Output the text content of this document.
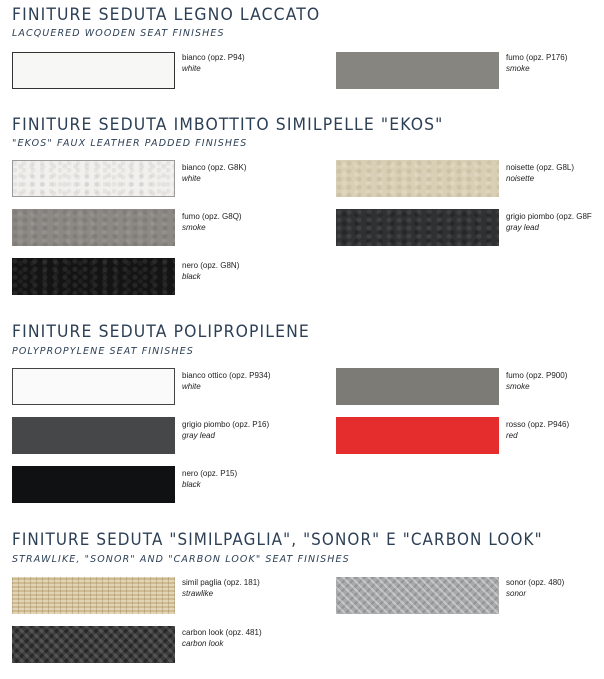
FINITURE SEDUTA LEGNO LACCATO
LACQUERED WOODEN SEAT FINISHES
bianco (opz. P94)
white
fumo (opz. P176)
smoke
FINITURE SEDUTA IMBOTTITO SIMILPELLE "EKOS"
"EKOS" FAUX LEATHER PADDED FINISHES
bianco (opz. G8K)
white
noisette (opz. G8L)
noisette
fumo (opz. G8Q)
smoke
grigio piombo (opz. G8F
gray lead
nero (opz. G8N)
black
FINITURE SEDUTA POLIPROPILENE
POLYPROPYLENE SEAT FINISHES
bianco ottico (opz. P934)
white
fumo (opz. P900)
smoke
grigio piombo (opz. P16)
gray lead
rosso (opz. P946)
red
nero (opz. P15)
black
FINITURE SEDUTA "SIMILPAGLIA", "SONOR" E "CARBON LOOK"
STRAWLIKE, "SONOR" AND "CARBON LOOK" SEAT FINISHES
simil paglia (opz. 181)
strawlike
sonor (opz. 480)
sonor
carbon look (opz. 481)
carbon look
